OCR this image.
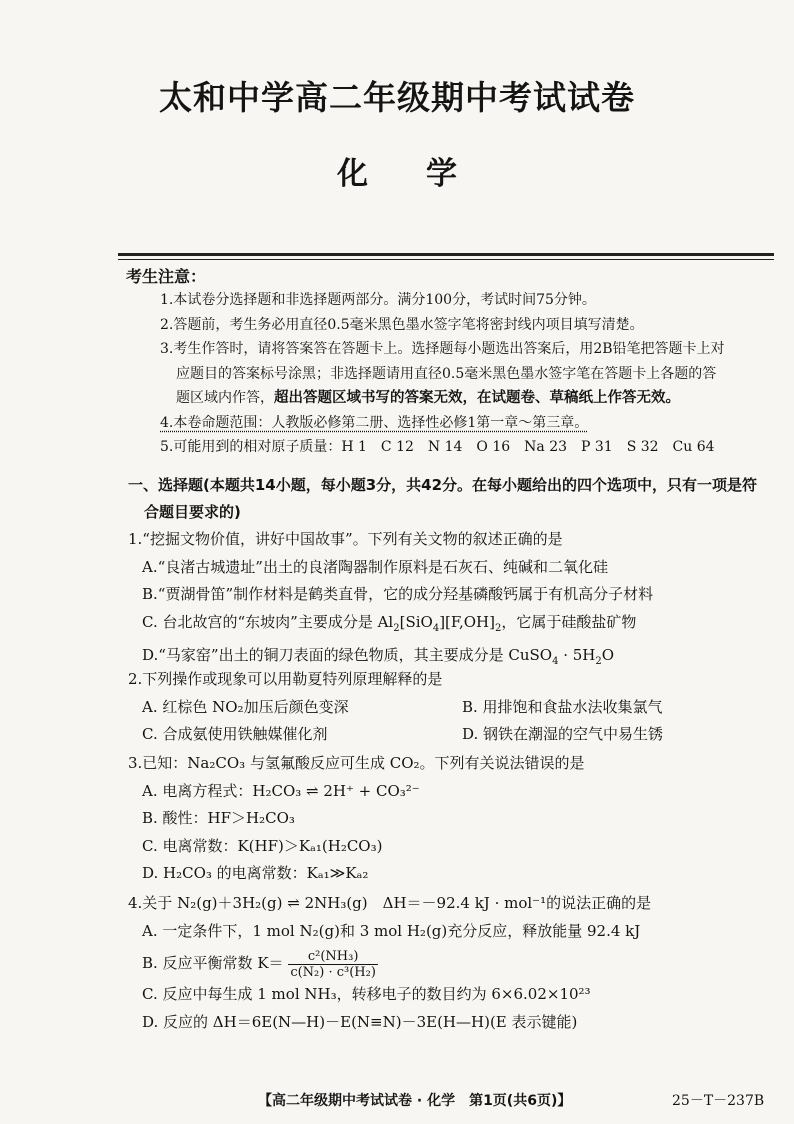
太和中学高二年级期中考试试卷
化学
考生注意：

1.本试卷分选择题和非选择题两部分。满分100分，考试时间75分钟。

2.答题前，考生务必用直径0.5毫米黑色墨水签字笔将密封线内项目填写清楚。

3.考生作答时，请将答案答在答题卡上。选择题每小题选出答案后，用2B铅笔把答题卡上对

应题目的答案标号涂黑；非选择题请用直径0.5毫米黑色墨水签字笔在答题卡上各题的答

题区域内作答，超出答题区域书写的答案无效，在试题卷、草稿纸上作答无效。

4.本卷命题范围：人教版必修第二册、选择性必修1第一章～第三章。

5.可能用到的相对原子质量：H 1　C 12　N 14　O 16　Na 23　P 31　S 32　Cu 64

一、选择题(本题共14小题，每小题3分，共42分。在每小题给出的四个选项中，只有一项是符
合题目要求的)

1.“挖掘文物价值，讲好中国故事”。下列有关文物的叙述正确的是

A.“良渚古城遗址”出土的良渚陶器制作原料是石灰石、纯碱和二氧化硅

B.“贾湖骨笛”制作材料是鹤类直骨，它的成分羟基磷酸钙属于有机高分子材料

C. 台北故宫的“东坡肉”主要成分是 $Al_2[SiO_4][F,OH]_2$，它属于硅酸盐矿物

D.“马家窑”出土的铜刀表面的绿色物质，其主要成分是 CuSO$_4$ · $5H_2O$

2.下列操作或现象可以用勒夏特列原理解释的是

A. 红棕色 NO₂加压后颜色变深	B. 用排饱和食盐水法收集氯气
C. 合成氨使用铁触媒催化剂	D. 钢铁在潮湿的空气中易生锈

3.已知：Na₂CO₃ 与氢氟酸反应可生成 CO₂。下列有关说法错误的是

A. 电离方程式：H₂CO₃ ⇌ 2H⁺ + CO₃²⁻

B. 酸性：HF＞H₂CO₃

C. 电离常数：K(HF)＞Kₐ₁(H₂CO₃)

D. H₂CO₃ 的电离常数：Kₐ₁≫Kₐ₂

4.关于 N₂(g)＋3H₂(g) ⇌ 2NH₃(g)　ΔH＝－92.4 kJ · mol⁻¹的说法正确的是

A. 一定条件下，1 mol N₂(g)和 3 mol H₂(g)充分反应，释放能量 92.4 kJ

B. 反应平衡常数 $K= \frac{\text{c²(NH₃)}}{\text{c(N₂) · c³(H₂)}}$

C. 反应中每生成 1 mol NH₃，转移电子的数目约为 6×6.02×10²³

D. 反应的 ΔH＝6E(N—H)－E(N≡N)－3E(H—H)(E 表示键能)

【高二年级期中考试试卷 · 化学　第1页(共6页)】	25－T－237B
